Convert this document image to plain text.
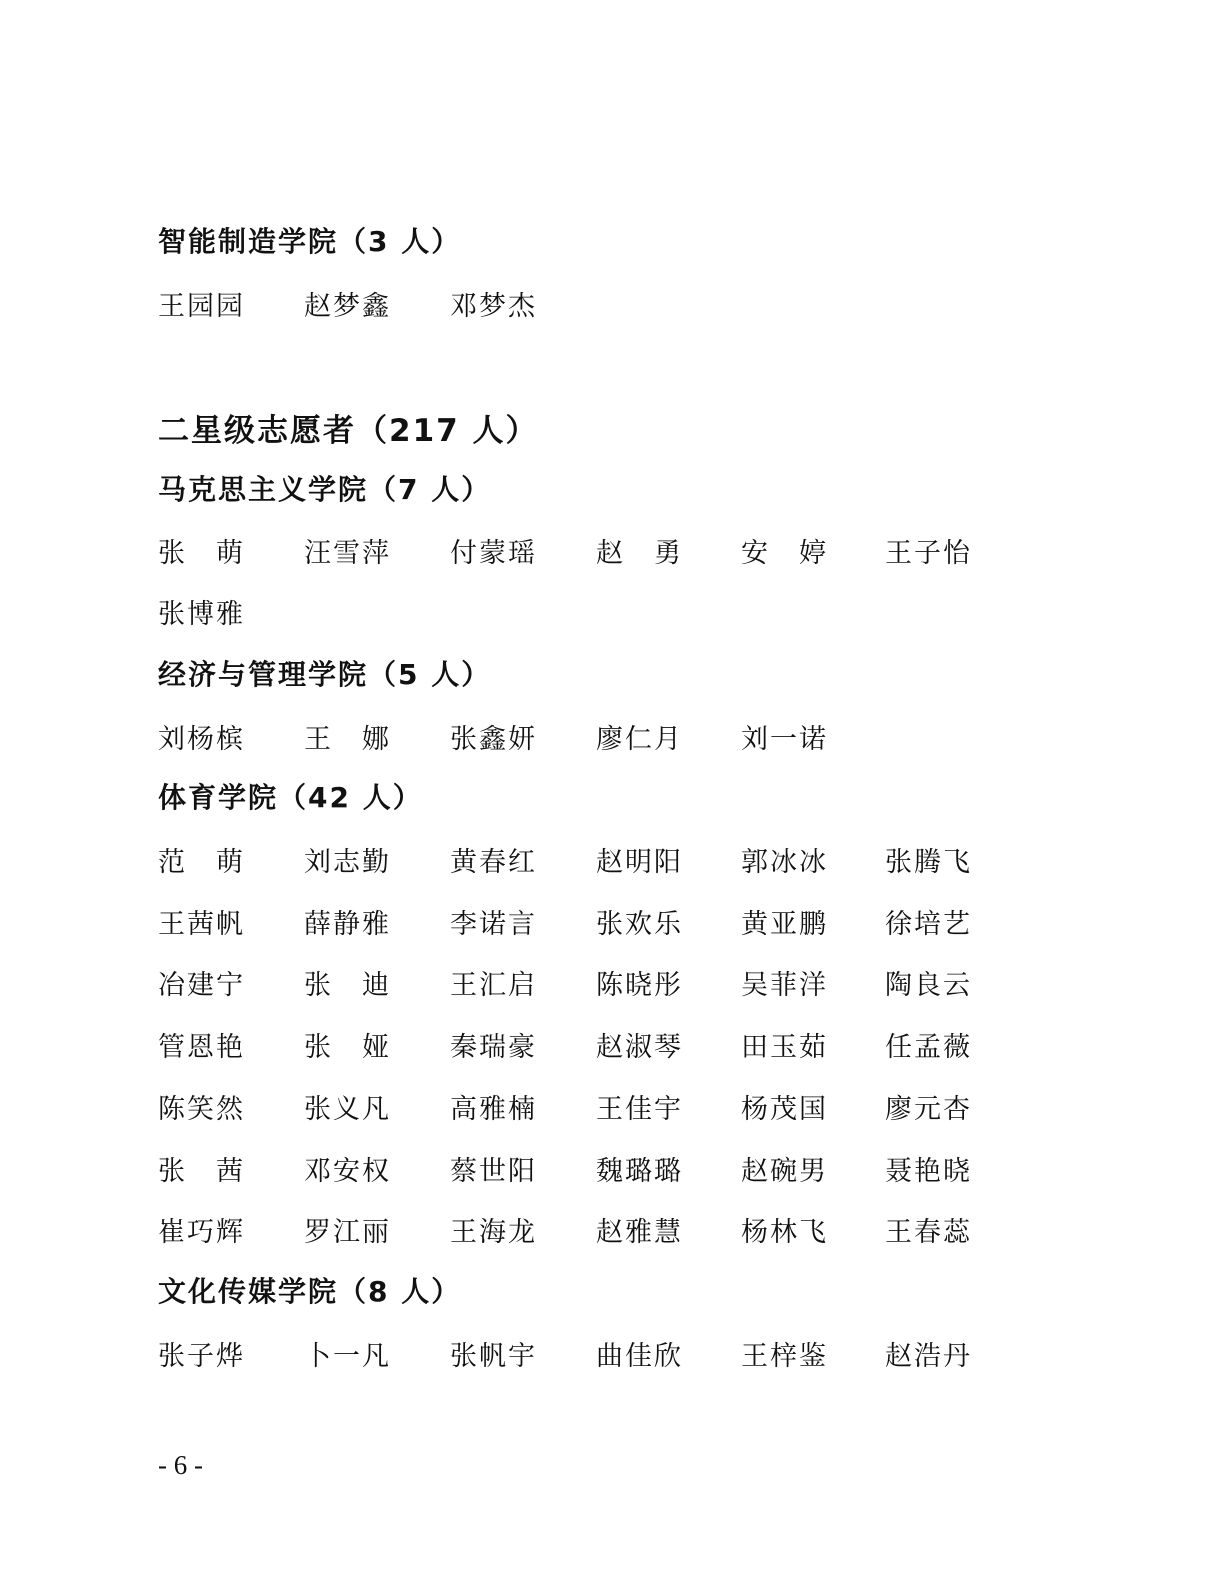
智能制造学院（3 人）
王园园 赵梦鑫 邓梦杰
二星级志愿者（217 人）
马克思主义学院（7 人）
张　萌 汪雪萍 付蒙瑶 赵　勇 安　婷 王子怡
张博雅
经济与管理学院（5 人）
刘杨槟 王　娜 张鑫妍 廖仁月 刘一诺
体育学院（42 人）
范　萌 刘志勤 黄春红 赵明阳 郭冰冰 张腾飞
王茜帆 薛静雅 李诺言 张欢乐 黄亚鹏 徐培艺
冶建宁 张　迪 王汇启 陈晓彤 吴菲洋 陶良云
管恩艳 张　娅 秦瑞豪 赵淑琴 田玉茹 任孟薇
陈笑然 张义凡 高雅楠 王佳宇 杨茂国 廖元杏
张　茜 邓安权 蔡世阳 魏璐璐 赵碗男 聂艳晓
崔巧辉 罗江丽 王海龙 赵雅慧 杨林飞 王春蕊
文化传媒学院（8 人）
张子烨 卜一凡 张帆宇 曲佳欣 王梓鉴 赵浩丹
- 6 -
